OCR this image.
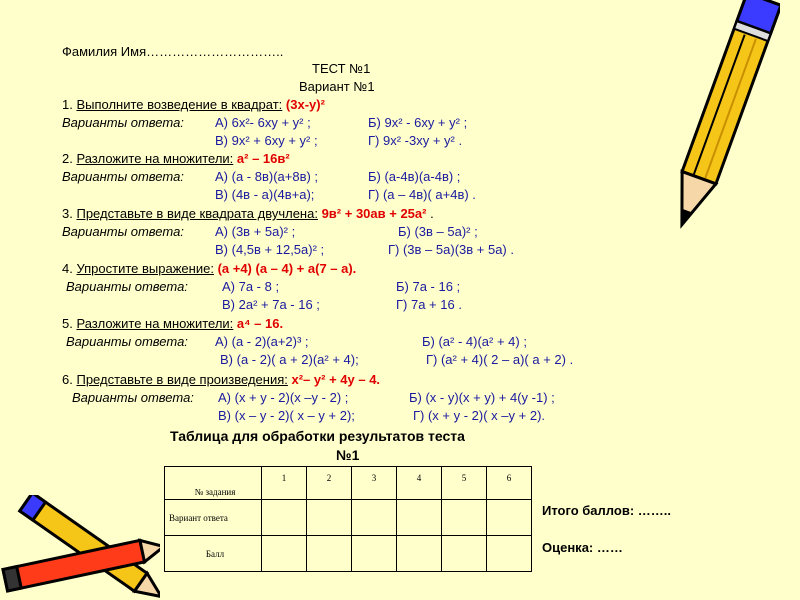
Фамилия Имя…………………………..
ТЕСТ №1
Вариант №1
1. Выполните возведение в квадрат: (3х-у)²
Варианты ответа: А) 6х²- 6ху + у² ;	Б) 9х² - 6ху + у² ;
В) 9х² + 6ху + у² ;	Г) 9х² -3ху + у² .
2. Разложите на множители: а² – 16в²
Варианты ответа: А) (а - 8в)(а+8в) ;	Б) (а-4в)(а-4в) ;
В) (4в - а)(4в+а);	Г) (а – 4в)( а+4в) .
3. Представьте в виде квадрата двучлена: 9в² + 30ав + 25а² .
Варианты ответа: А) (3в + 5а)² ;	Б) (3в – 5а)² ;
В) (4,5в + 12,5а)² ;	Г) (3в – 5а)(3в + 5а) .
4. Упростите выражение: (а +4) (а – 4) + а(7 – а).
Варианты ответа:	А) 7а - 8 ;	Б) 7а - 16 ;
В) 2а² + 7а - 16 ;	Г) 7а + 16 .
5. Разложите на множители: а⁴ – 16.
Варианты ответа: А) (а - 2)(а+2)³ ;	Б) (а² - 4)(а² + 4) ;
В) (а - 2)( а + 2)(а² + 4);	Г) (а² + 4)( 2 – а)( а + 2) .
6. Представьте в виде произведения: х²– у² + 4у – 4.
Варианты ответа: А) (х + у - 2)(х –у - 2) ;	Б) (х - у)(х + у) + 4(у -1) ;
В) (х – у - 2)( х – у + 2);	Г) (х + у - 2)( х –у + 2).
Таблица для обработки результатов теста
№1
№ задания	1	2	3	4	5	6
Вариант ответа						
Балл						
Итого баллов: ……..
Оценка: ……
